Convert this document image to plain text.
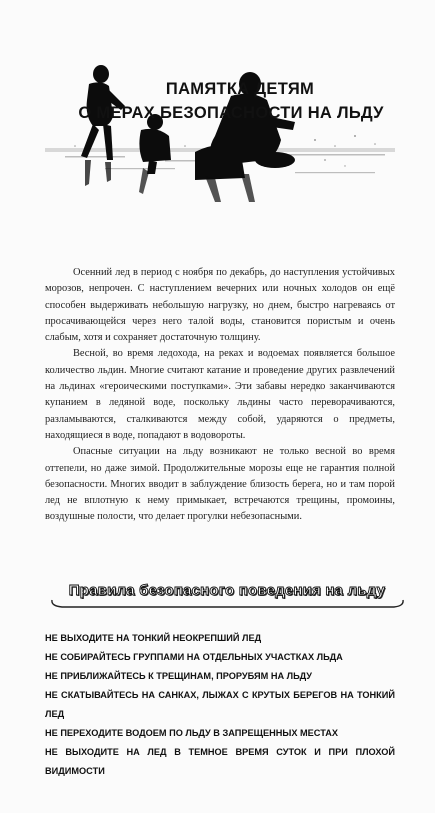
ПАМЯТКА ДЕТЯМ
О МЕРАХ БЕЗОПАСНОСТИ НА ЛЬДУ

Осенний лед в период с ноября по декабрь, до наступления устойчивых морозов, непрочен. С наступлением вечерних или ночных холодов он ещё способен выдерживать небольшую нагрузку, но днем, быстро нагреваясь от просачивающейся через него талой воды, становится пористым и очень слабым, хотя и сохраняет достаточную толщину.

Весной, во время ледохода, на реках и водоемах появляется большое количество льдин. Многие считают катание и проведение других развлечений на льдинах «героическими поступками». Эти забавы нередко заканчиваются купанием в ледяной воде, поскольку льдины часто переворачиваются, разламываются, сталкиваются между собой, ударяются о предметы, находящиеся в воде, попадают в водовороты.

Опасные ситуации на льду возникают не только весной во время оттепели, но даже зимой. Продолжительные морозы еще не гарантия полной безопасности. Многих вводит в заблуждение близость берега, но и там порой лед не вплотную к нему примыкает, встречаются трещины, промоины, воздушные полости, что делает прогулки небезопасными.

Правила безопасного поведения на льду
НЕ ВЫХОДИТЕ НА ТОНКИЙ НЕОКРЕПШИЙ ЛЕД
НЕ СОБИРАЙТЕСЬ ГРУППАМИ НА ОТДЕЛЬНЫХ УЧАСТКАХ ЛЬДА
НЕ ПРИБЛИЖАЙТЕСЬ К ТРЕЩИНАМ, ПРОРУБЯМ НА ЛЬДУ
НЕ СКАТЫВАЙТЕСЬ НА САНКАХ, ЛЫЖАХ С КРУТЫХ БЕРЕГОВ НА ТОНКИЙ ЛЕД
НЕ ПЕРЕХОДИТЕ ВОДОЕМ ПО ЛЬДУ В ЗАПРЕЩЕННЫХ МЕСТАХ
НЕ ВЫХОДИТЕ НА ЛЕД В ТЕМНОЕ ВРЕМЯ СУТОК И ПРИ ПЛОХОЙ ВИДИМОСТИ
